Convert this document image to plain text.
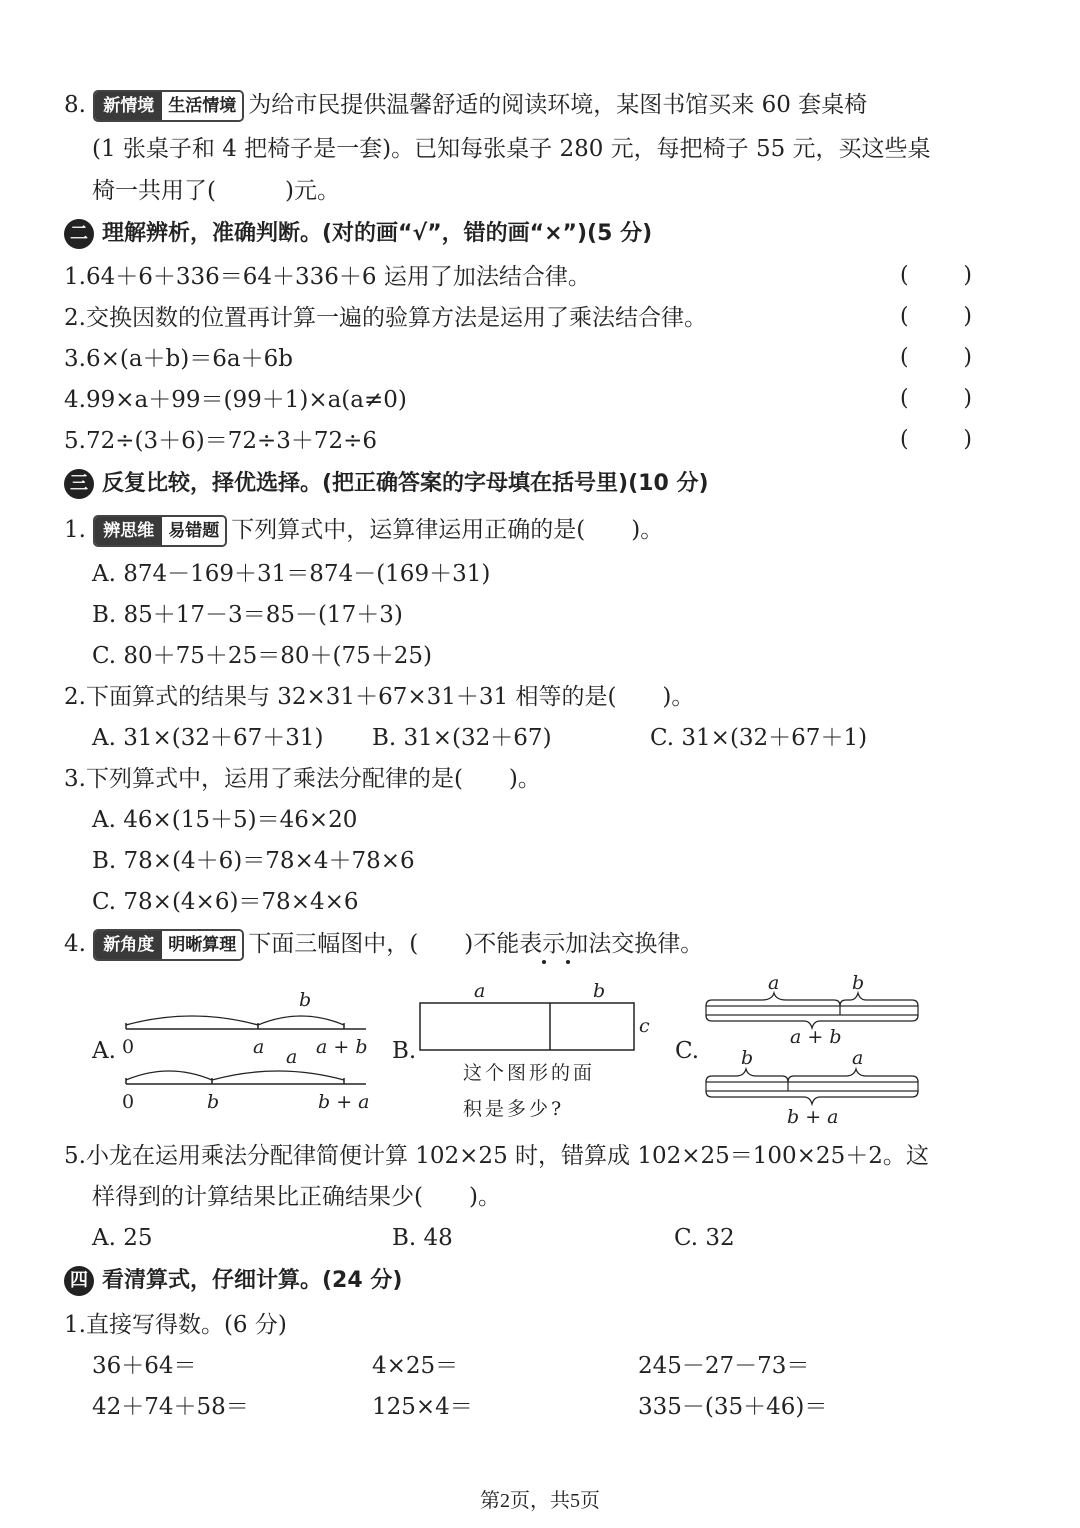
8. 新情境 生活情境 为给市民提供温馨舒适的阅读环境，某图书馆买来 60 套桌椅
(1 张桌子和 4 把椅子是一套)。已知每张桌子 280 元，每把椅子 55 元，买这些桌
椅一共用了(　　　)元。
二 理解辨析，准确判断。(对的画“√”，错的画“×”)(5 分)
1.64＋6＋336＝64＋336＋6 运用了加法结合律。	( )
2.交换因数的位置再计算一遍的验算方法是运用了乘法结合律。	( )
3.6×(a＋b)＝6a＋6b	( )
4.99×a＋99＝(99＋1)×a(a≠0)	( )
5.72÷(3＋6)＝72÷3＋72÷6	( )
三 反复比较，择优选择。(把正确答案的字母填在括号里)(10 分)
1. 辨思维 易错题 下列算式中，运算律运用正确的是(　　)。
A. 874－169＋31＝874－(169＋31)
B. 85＋17－3＝85－(17＋3)
C. 80＋75＋25＝80＋(75＋25)
2.下面算式的结果与 32×31＋67×31＋31 相等的是(　　)。
A. 31×(32＋67＋31) B. 31×(32＋67)	C. 31×(32＋67＋1)
3.下列算式中，运用了乘法分配律的是(　　)。
A. 46×(15＋5)＝46×20
B. 78×(4＋6)＝78×4＋78×6
C. 78×(4×6)＝78×4×6
4. 新角度 明晰算理 下面三幅图中，(　　)不能表示加法交换律。
A.
b
0	a	a + b
a
0	b	b + a
B.
a	b
c
这个图形的面
积是多少?
C.
a	b
a + b
b	a
b + a
5.小龙在运用乘法分配律简便计算 102×25 时，错算成 102×25＝100×25＋2。这
样得到的计算结果比正确结果少(　　)。
A. 25	B. 48	C. 32
四 看清算式，仔细计算。(24 分)
1.直接写得数。(6 分)
36＋64＝	4×25＝	245－27－73＝
42＋74＋58＝	125×4＝	335－(35＋46)＝
第2页，共5页
